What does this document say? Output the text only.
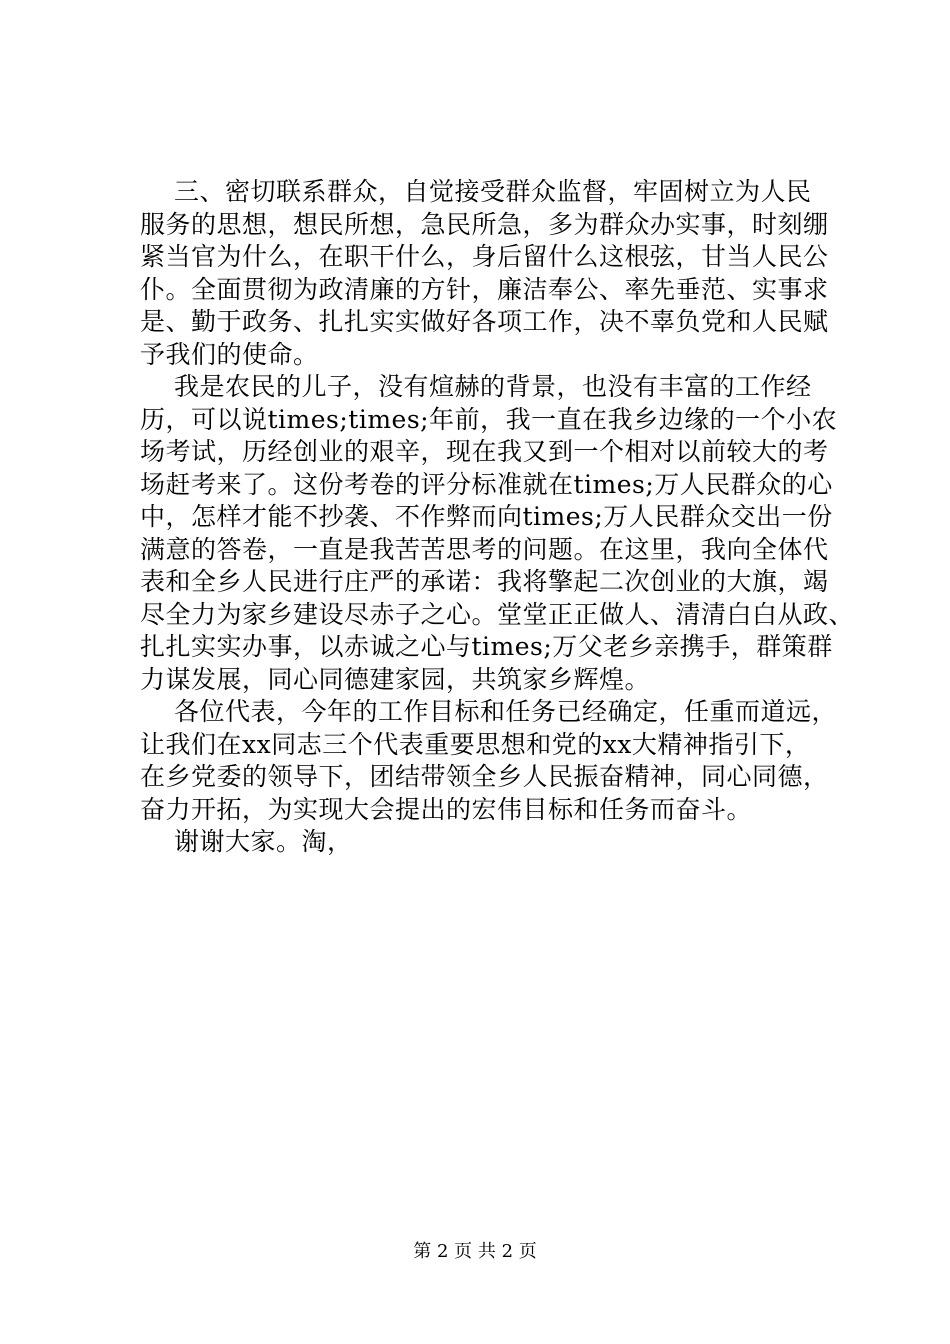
三、密切联系群众，自觉接受群众监督，牢固树立为人民
服务的思想，想民所想，急民所急，多为群众办实事，时刻绷
紧当官为什么，在职干什么，身后留什么这根弦，甘当人民公
仆。全面贯彻为政清廉的方针，廉洁奉公、率先垂范、实事求
是、勤于政务、扎扎实实做好各项工作，决不辜负党和人民赋
予我们的使命。
我是农民的儿子，没有煊赫的背景，也没有丰富的工作经
历，可以说times;times;年前，我一直在我乡边缘的一个小农
场考试，历经创业的艰辛，现在我又到一个相对以前较大的考
场赶考来了。这份考卷的评分标准就在times;万人民群众的心
中，怎样才能不抄袭、不作弊而向times;万人民群众交出一份
满意的答卷，一直是我苦苦思考的问题。在这里，我向全体代
表和全乡人民进行庄严的承诺：我将擎起二次创业的大旗，竭
尽全力为家乡建设尽赤子之心。堂堂正正做人、清清白白从政、
扎扎实实办事，以赤诚之心与times;万父老乡亲携手，群策群
力谋发展，同心同德建家园，共筑家乡辉煌。
各位代表，今年的工作目标和任务已经确定，任重而道远，
让我们在xx同志三个代表重要思想和党的xx大精神指引下，
在乡党委的领导下，团结带领全乡人民振奋精神，同心同德，
奋力开拓，为实现大会提出的宏伟目标和任务而奋斗。
谢谢大家。淘，
第 2 页 共 2 页
